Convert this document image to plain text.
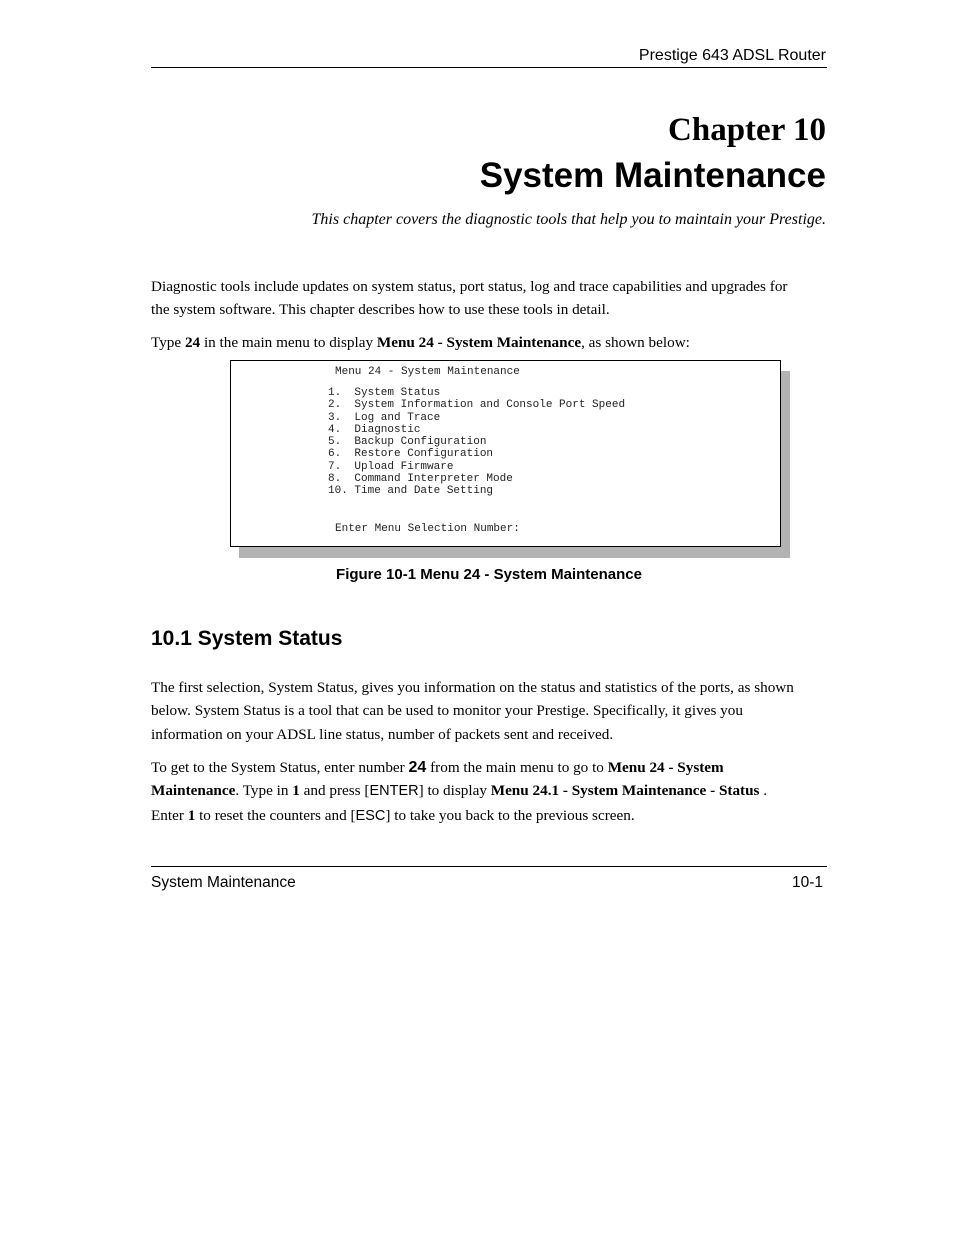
Prestige 643 ADSL Router
Chapter 10
System Maintenance
This chapter covers the diagnostic tools that help you to maintain your Prestige.
Diagnostic tools include updates on system status, port status, log and trace capabilities and upgrades for
the system software. This chapter describes how to use these tools in detail.
Type 24 in the main menu to display Menu 24 - System Maintenance, as shown below:
Menu 24 - System Maintenance
1.  System Status
2.  System Information and Console Port Speed
3.  Log and Trace
4.  Diagnostic
5.  Backup Configuration
6.  Restore Configuration
7.  Upload Firmware
8.  Command Interpreter Mode
10. Time and Date Setting
Enter Menu Selection Number:
Figure 10-1 Menu 24 - System Maintenance
10.1 System Status
The first selection, System Status, gives you information on the status and statistics of the ports, as shown
below. System Status is a tool that can be used to monitor your Prestige. Specifically, it gives you
information on your ADSL line status, number of packets sent and received.
To get to the System Status, enter number 24 from the main menu to go to Menu 24 - System
Maintenance. Type in 1 and press [ENTER] to display Menu 24.1 - System Maintenance - Status .
Enter 1 to reset the counters and [ESC] to take you back to the previous screen.
System Maintenance	10-1
